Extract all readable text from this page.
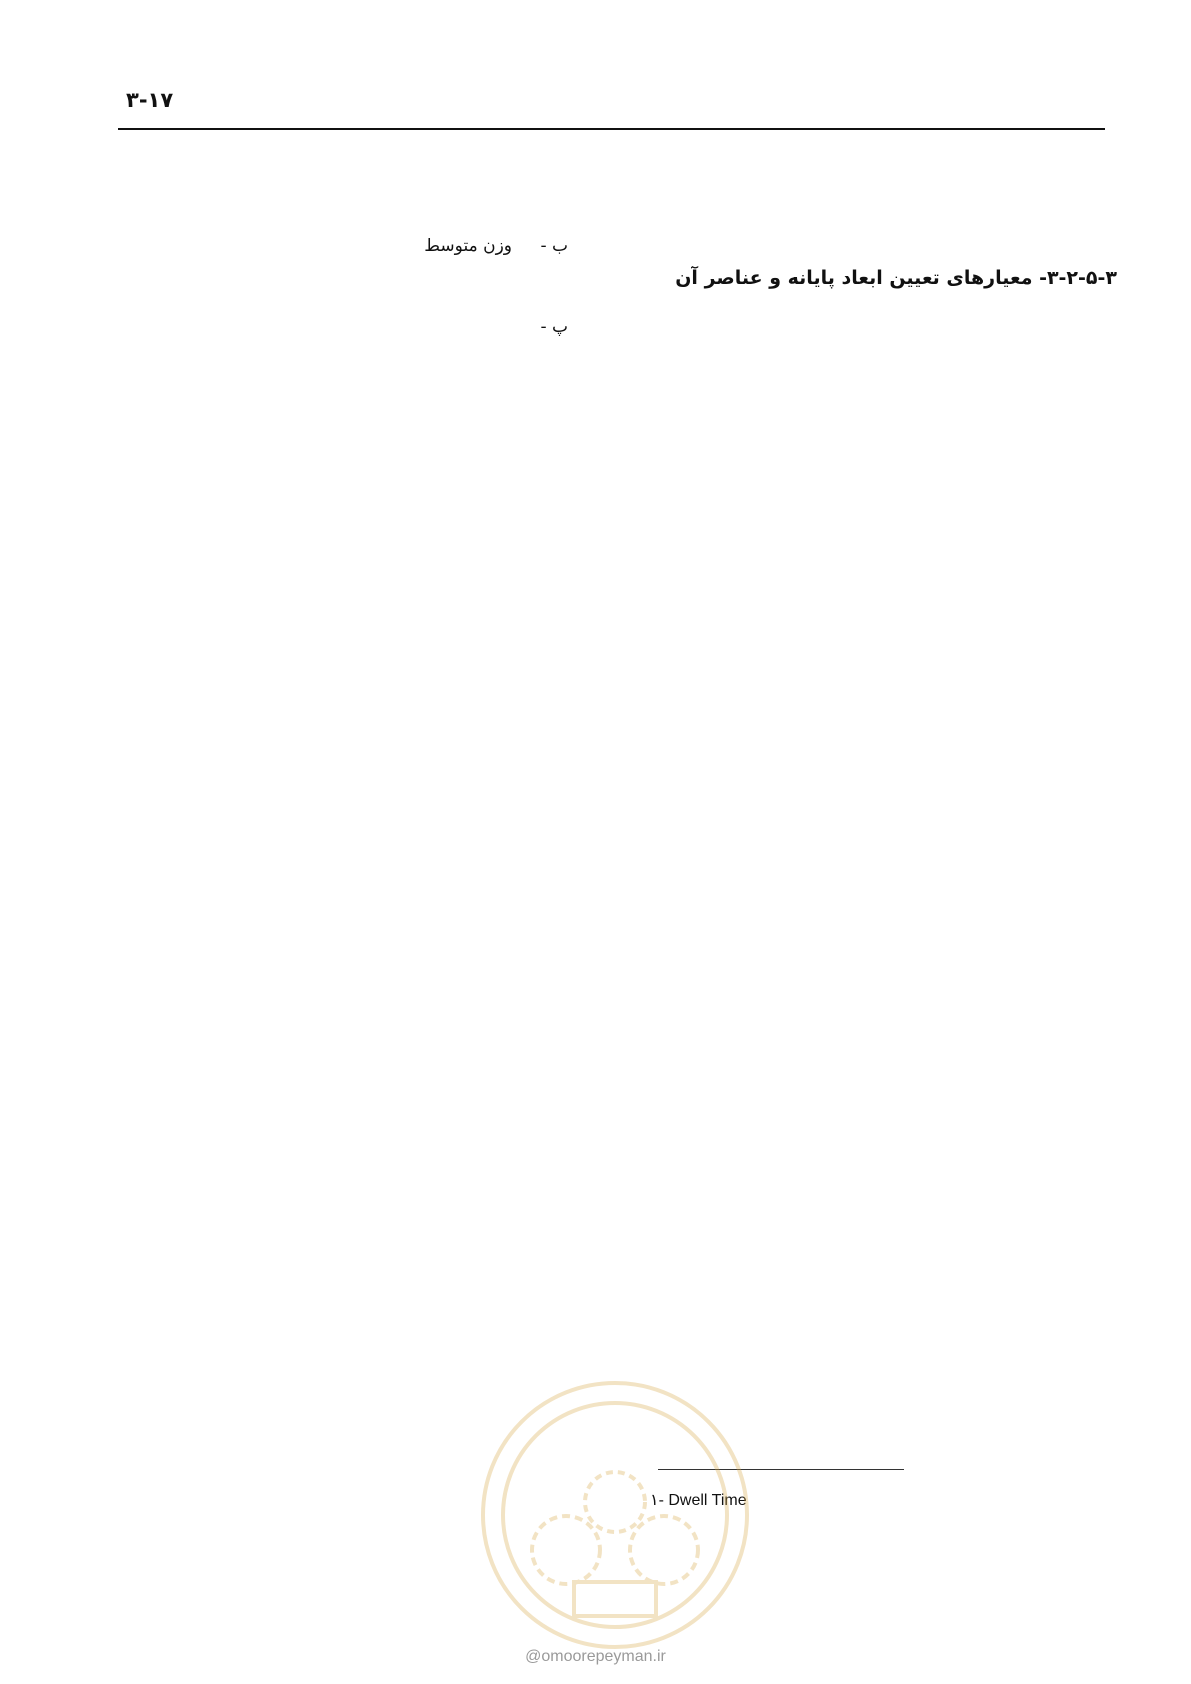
۳-۱۷

۳-۲-۵-۳- معیارهای تعیین ابعاد پایانه و عناصر آن

ب -
وزن متوسط

پ -

۱- Dwell Time
@omoorepeyman.ir
